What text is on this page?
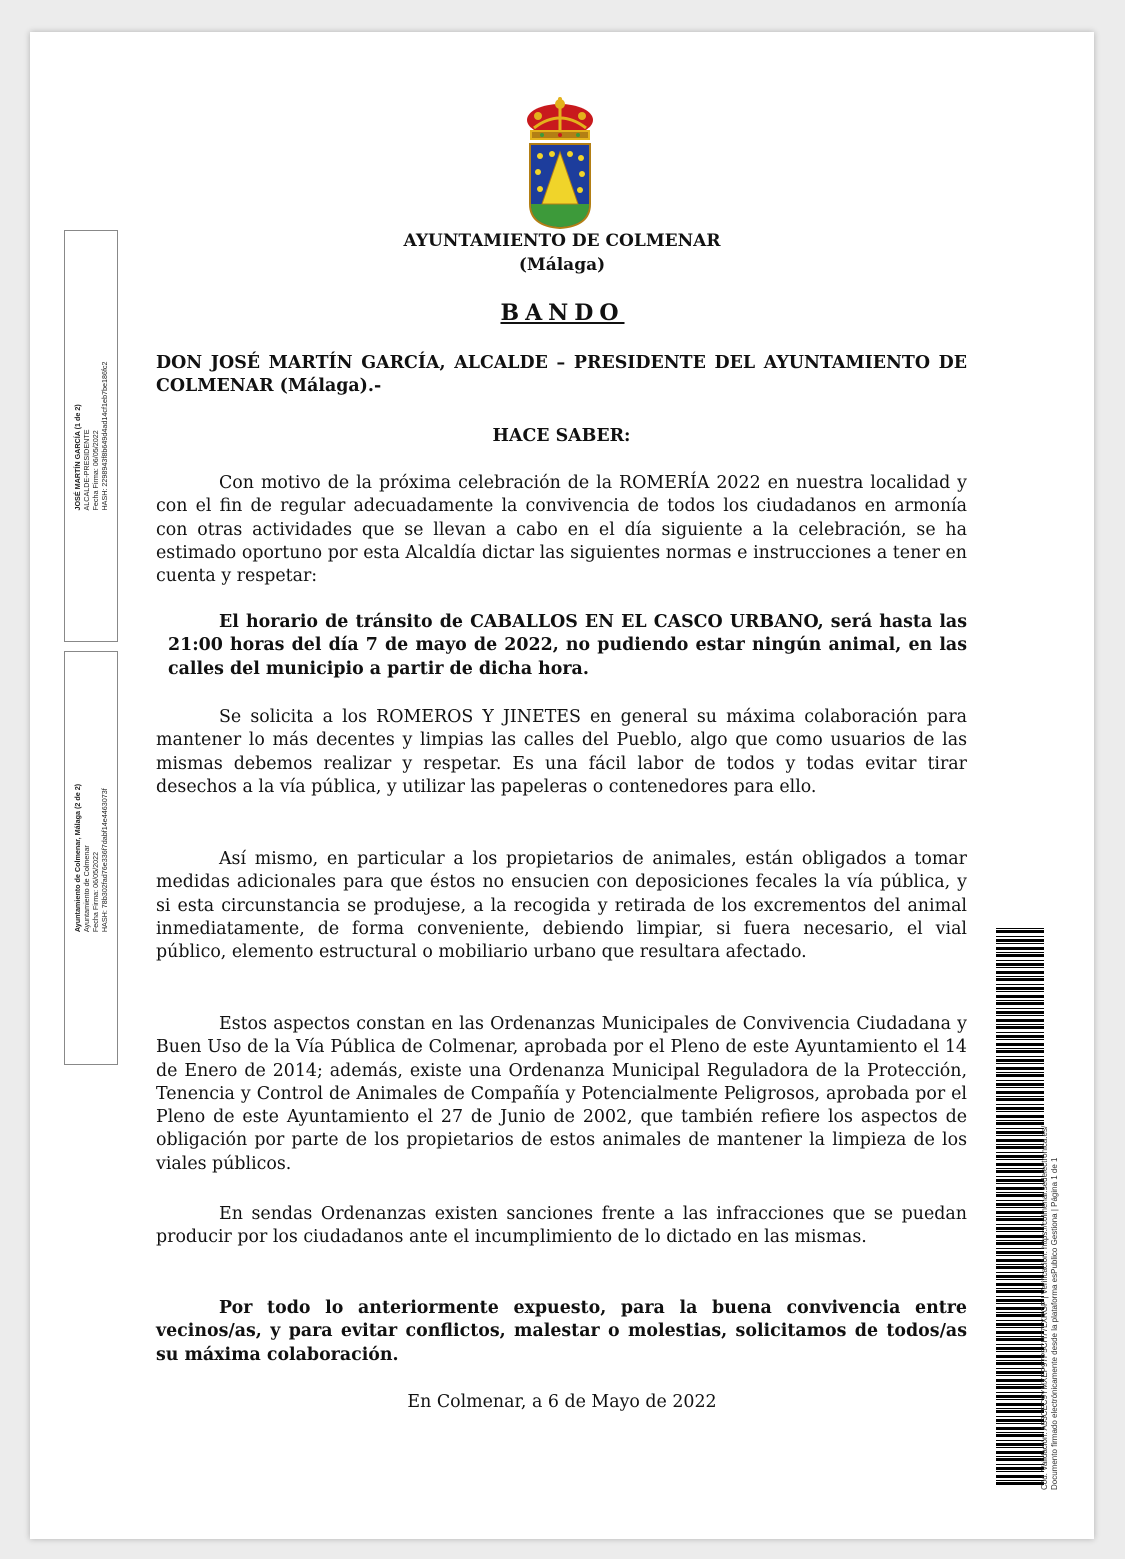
AYUNTAMIENTO DE COLMENAR
(Málaga)
BANDO

DON JOSÉ MARTÍN GARCÍA, ALCALDE – PRESIDENTE DEL AYUNTAMIENTO DE COLMENAR (Málaga).-

HACE SABER:

Con motivo de la próxima celebración de la ROMERÍA 2022 en nuestra localidad y con el fin de regular adecuadamente la convivencia de todos los ciudadanos en armonía con otras actividades que se llevan a cabo en el día siguiente a la celebración, se ha estimado oportuno por esta Alcaldía dictar las siguientes normas e instrucciones a tener en cuenta y respetar:

El horario de tránsito de CABALLOS EN EL CASCO URBANO, será hasta las 21:00 horas del día 7 de mayo de 2022, no pudiendo estar ningún animal, en las calles del municipio a partir de dicha hora.

Se solicita a los ROMEROS Y JINETES en general su máxima colaboración para mantener lo más decentes y limpias las calles del Pueblo, algo que como usuarios de las mismas debemos realizar y respetar. Es una fácil labor de todos y todas evitar tirar desechos a la vía pública, y utilizar las papeleras o contenedores para ello.

Así mismo, en particular a los propietarios de animales, están obligados a tomar medidas adicionales para que éstos no ensucien con deposiciones fecales la vía pública, y si esta circunstancia se produjese, a la recogida y retirada de los excrementos del animal inmediatamente, de forma conveniente, debiendo limpiar, si fuera necesario, el vial público, elemento estructural o mobiliario urbano que resultara afectado.

Estos aspectos constan en las Ordenanzas Municipales de Convivencia Ciudadana y Buen Uso de la Vía Pública de Colmenar, aprobada por el Pleno de este Ayuntamiento el 14 de Enero de 2014; además, existe una Ordenanza Municipal Reguladora de la Protección, Tenencia y Control de Animales de Compañía y Potencialmente Peligrosos, aprobada por el Pleno de este Ayuntamiento el 27 de Junio de 2002, que también refiere los aspectos de obligación por parte de los propietarios de estos animales de mantener la limpieza de los viales públicos.

En sendas Ordenanzas existen sanciones frente a las infracciones que se puedan producir por los ciudadanos ante el incumplimiento de lo dictado en las mismas.

Por todo lo anteriormente expuesto, para la buena convivencia entre vecinos/as, y para evitar conflictos, malestar o molestias, solicitamos de todos/as su máxima colaboración.

En Colmenar, a 6 de Mayo de 2022

JOSÉ MARTÍN GARCÍA (1 de 2) ALCALDE-PRESIDENTE Fecha Firma: 06/05/2022 HASH: 2298943f8b649d4ad14cf1eb7be186fc2
Ayuntamiento de Colmenar, Málaga (2 de 2) Ayuntamiento de Colmenar Fecha Firma: 06/05/2022 HASH: 78b302fad76e336f7dabf14e4463073f
Cód. Validación: A53CEC9YMXEP97P5CH77LXRGP | Verificación: https://colmenar.sedelectronica.es/ Documento firmado electrónicamente desde la plataforma esPublico Gestiona | Página 1 de 1
